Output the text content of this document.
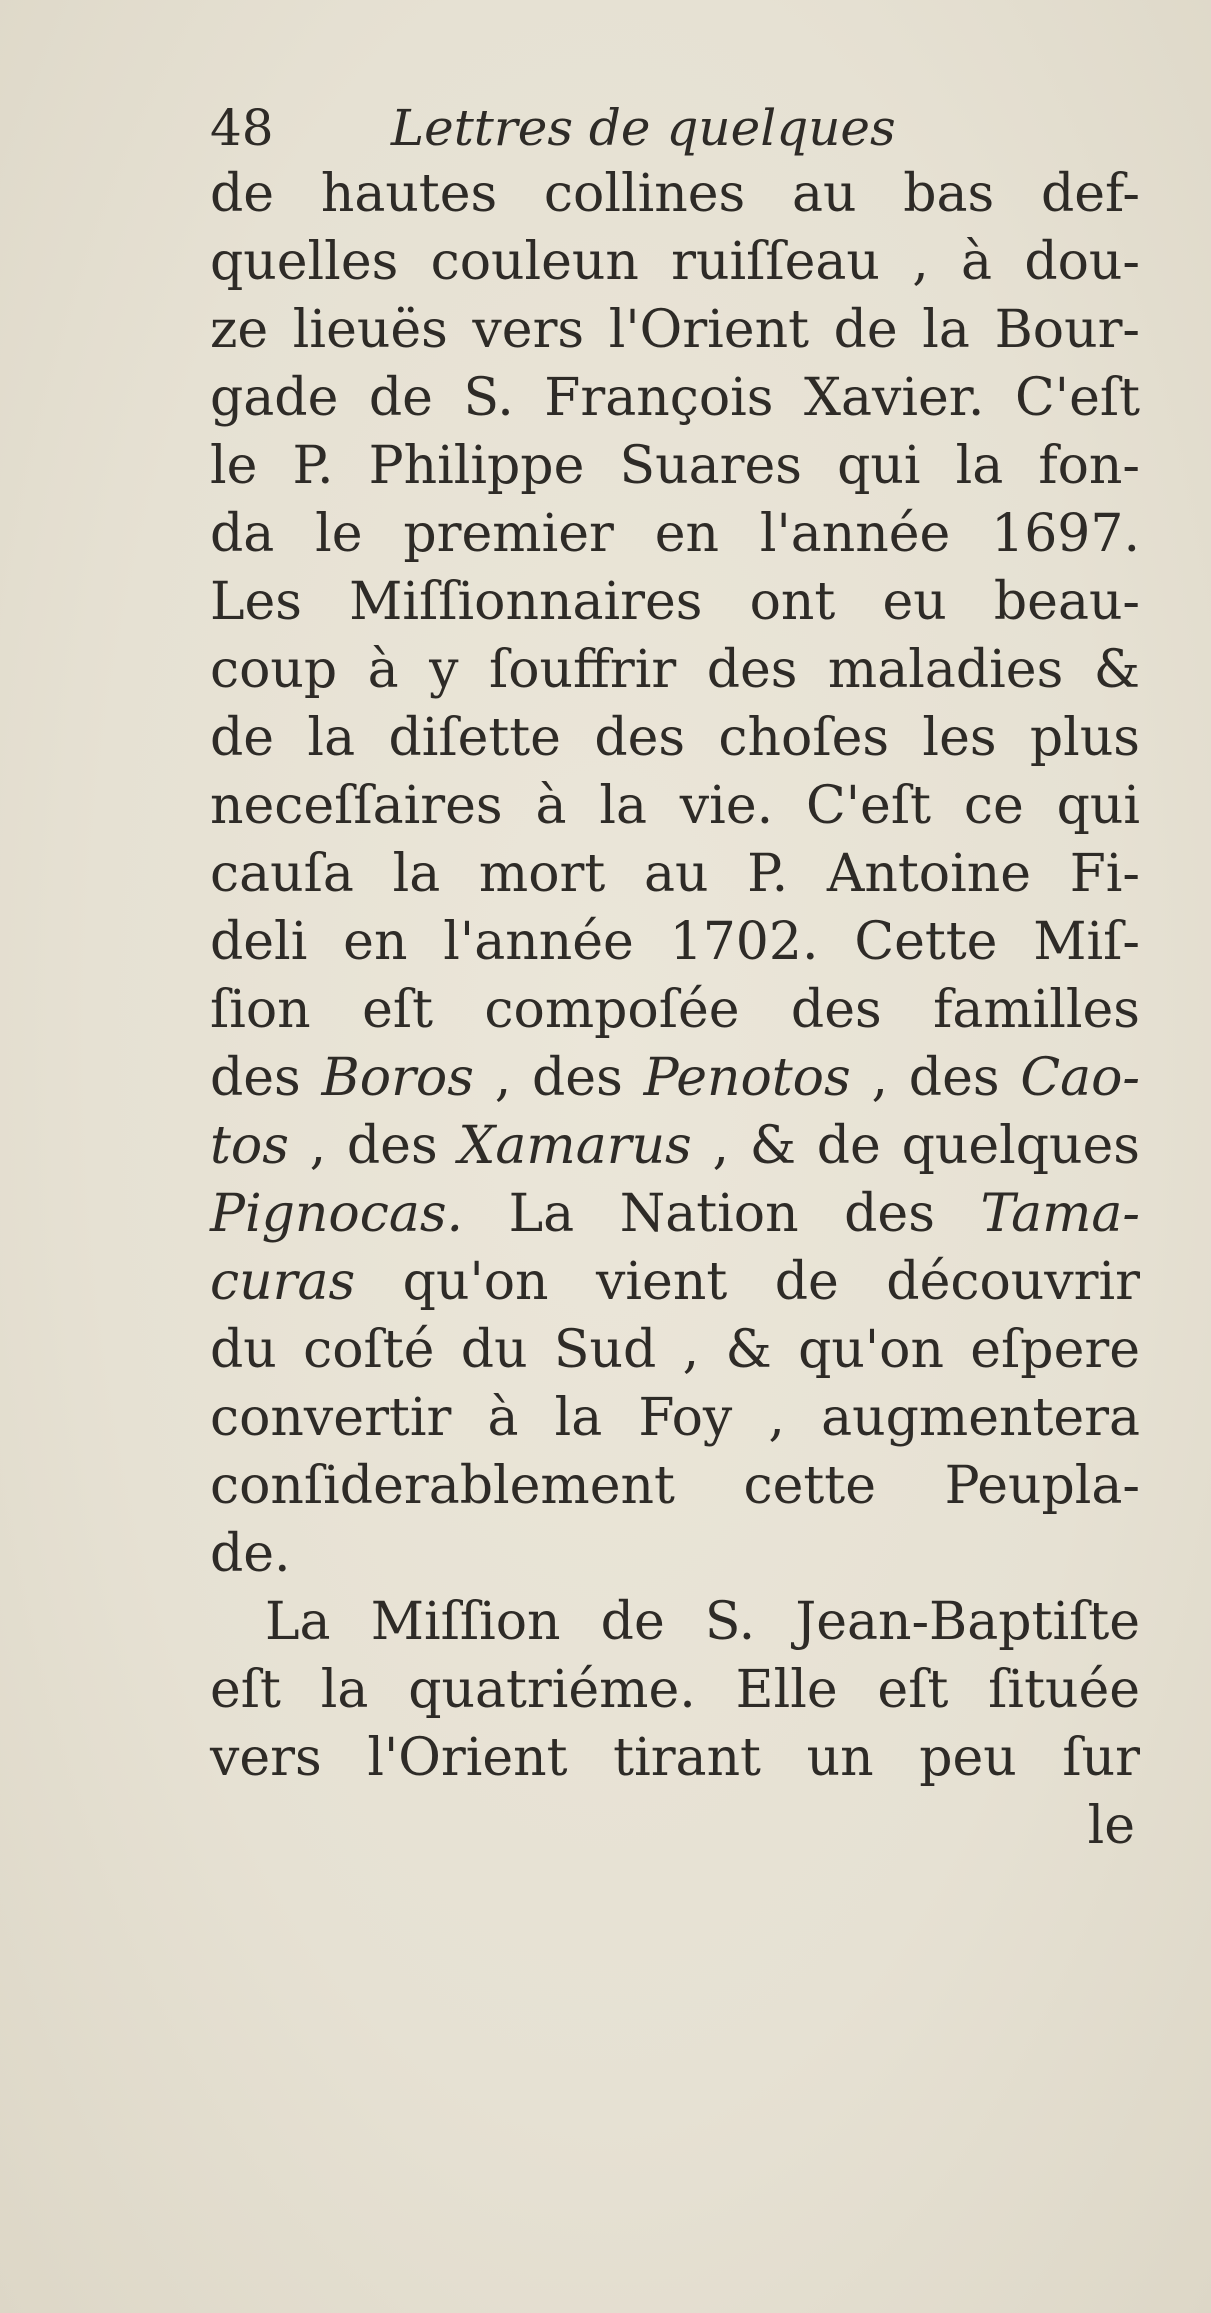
48 Lettres de quelques
de hautes collines au bas def-
quelles couleun ruiſſeau , à dou-
ze lieuës vers l'Orient de la Bour-
gade de S. François Xavier. C'eſt
le P. Philippe Suares qui la fon-
da le premier en l'année 1697.
Les Miſſionnaires ont eu beau-
coup à y ſouffrir des maladies &
de la diſette des choſes les plus
neceſſaires à la vie. C'eſt ce qui
cauſa la mort au P. Antoine Fi-
deli en l'année 1702. Cette Miſ-
ſion eſt compoſée des familles
des Boros , des Penotos , des Cao-
tos , des Xamarus , & de quelques
Pignocas. La Nation des Tama-
curas qu'on vient de découvrir
du coſté du Sud , & qu'on eſpere
convertir à la Foy , augmentera
conſiderablement cette Peupla-
de.
La Miſſion de S. Jean-Baptiſte
eſt la quatriéme. Elle eſt ſituée
vers l'Orient tirant un peu ſur
le
